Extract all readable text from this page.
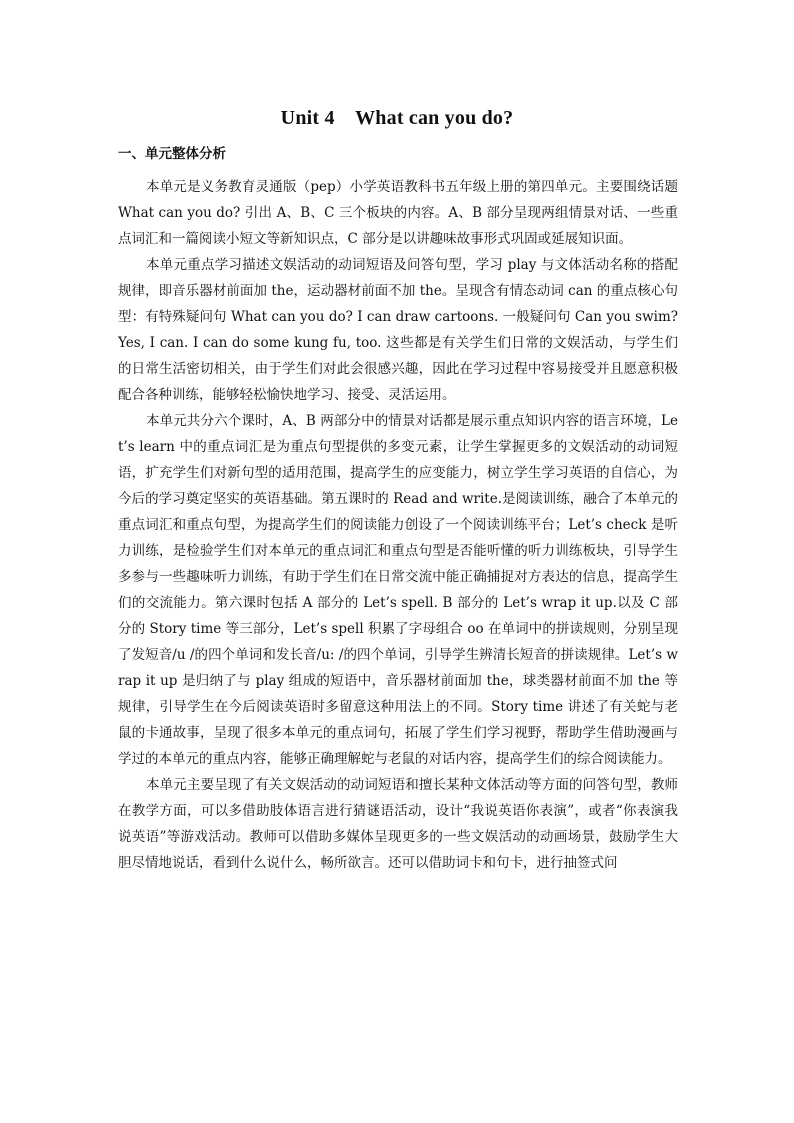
Unit 4    What can you do?
一、单元整体分析

本单元是义务教育灵通版（pep）小学英语教科书五年级上册的第四单元。主要围绕话题 What can you do? 引出 A、B、C 三个板块的内容。A、B 部分呈现两组情景对话、一些重点词汇和一篇阅读小短文等新知识点，C 部分是以讲趣味故事形式巩固或延展知识面。

本单元重点学习描述文娱活动的动词短语及问答句型，学习 play 与文体活动名称的搭配规律，即音乐器材前面加 the，运动器材前面不加 the。呈现含有情态动词 can 的重点核心句型：有特殊疑问句 What can you do? I can draw cartoons. 一般疑问句 Can you swim? Yes, I can. I can do some kung fu, too. 这些都是有关学生们日常的文娱活动，与学生们的日常生活密切相关，由于学生们对此会很感兴趣，因此在学习过程中容易接受并且愿意积极配合各种训练，能够轻松愉快地学习、接受、灵活运用。

本单元共分六个课时，A、B 两部分中的情景对话都是展示重点知识内容的语言环境，Let’s learn 中的重点词汇是为重点句型提供的多变元素，让学生掌握更多的文娱活动的动词短语，扩充学生们对新句型的适用范围，提高学生的应变能力，树立学生学习英语的自信心，为今后的学习奠定坚实的英语基础。第五课时的 Read and write.是阅读训练，融合了本单元的重点词汇和重点句型，为提高学生们的阅读能力创设了一个阅读训练平台；Let’s check 是听力训练，是检验学生们对本单元的重点词汇和重点句型是否能听懂的听力训练板块，引导学生多参与一些趣味听力训练，有助于学生们在日常交流中能正确捕捉对方表达的信息，提高学生们的交流能力。第六课时包括 A 部分的 Let’s spell. B 部分的 Let’s wrap it up.以及 C 部分的 Story time 等三部分，Let’s spell 积累了字母组合 oo 在单词中的拼读规则，分别呈现了发短音/u /的四个单词和发长音/u: /的四个单词，引导学生辨清长短音的拼读规律。Let’s wrap it up 是归纳了与 play 组成的短语中，音乐器材前面加 the，球类器材前面不加 the 等规律，引导学生在今后阅读英语时多留意这种用法上的不同。Story time 讲述了有关蛇与老鼠的卡通故事，呈现了很多本单元的重点词句，拓展了学生们学习视野，帮助学生借助漫画与学过的本单元的重点内容，能够正确理解蛇与老鼠的对话内容，提高学生们的综合阅读能力。

本单元主要呈现了有关文娱活动的动词短语和擅长某种文体活动等方面的问答句型，教师在教学方面，可以多借助肢体语言进行猜谜语活动，设计“我说英语你表演”，或者“你表演我说英语”等游戏活动。教师可以借助多媒体呈现更多的一些文娱活动的动画场景，鼓励学生大胆尽情地说话，看到什么说什么，畅所欲言。还可以借助词卡和句卡，进行抽签式问
